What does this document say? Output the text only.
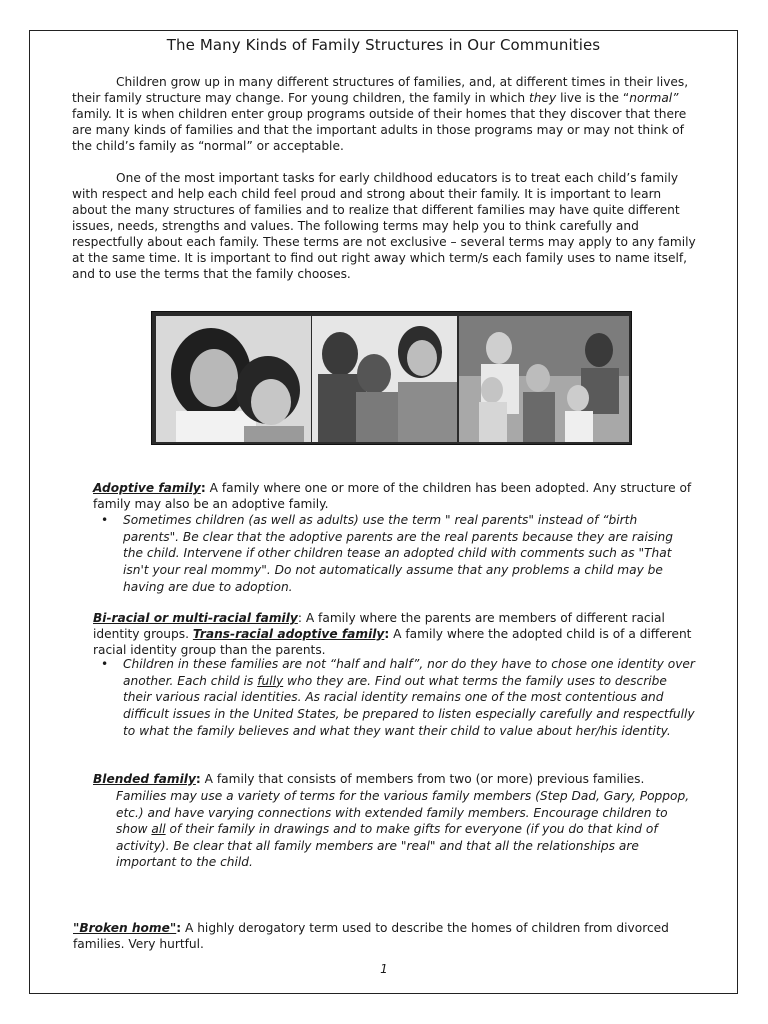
The Many Kinds of Family Structures in Our Communities

Children grow up in many different structures of families, and, at different times in their lives, their family structure may change. For young children, the family in which they live is the “normal” family. It is when children enter group programs outside of their homes that they discover that there are many kinds of families and that the important adults in those programs may or may not think of the child’s family as “normal” or acceptable.

One of the most important tasks for early childhood educators is to treat each child’s family with respect and help each child feel proud and strong about their family. It is important to learn about the many structures of families and to realize that different families may have quite different issues, needs, strengths and values. The following terms may help you to think carefully and respectfully about each family. These terms are not exclusive – several terms may apply to any family at the same time. It is important to find out right away which term/s each family uses to name itself, and to use the terms that the family chooses.

Adoptive family: A family where one or more of the children has been adopted. Any structure of family may also be an adoptive family.

• Sometimes children (as well as adults) use the term " real parents" instead of “birth parents". Be clear that the adoptive parents are the real parents because they are raising the child. Intervene if other children tease an adopted child with comments such as "That isn't your real mommy". Do not automatically assume that any problems a child may be having are due to adoption.

Bi-racial or multi-racial family: A family where the parents are members of different racial identity groups. Trans-racial adoptive family: A family where the adopted child is of a different racial identity group than the parents.

• Children in these families are not “half and half”, nor do they have to chose one identity over another. Each child is fully who they are. Find out what terms the family uses to describe their various racial identities. As racial identity remains one of the most contentious and difficult issues in the United States, be prepared to listen especially carefully and respectfully to what the family believes and what they want their child to value about her/his identity.

Blended family: A family that consists of members from two (or more) previous families.

Families may use a variety of terms for the various family members (Step Dad, Gary, Poppop, etc.) and have varying connections with extended family members. Encourage children to show all of their family in drawings and to make gifts for everyone (if you do that kind of activity). Be clear that all family members are "real" and that all the relationships are important to the child.

"Broken home": A highly derogatory term used to describe the homes of children from divorced families. Very hurtful.

1
